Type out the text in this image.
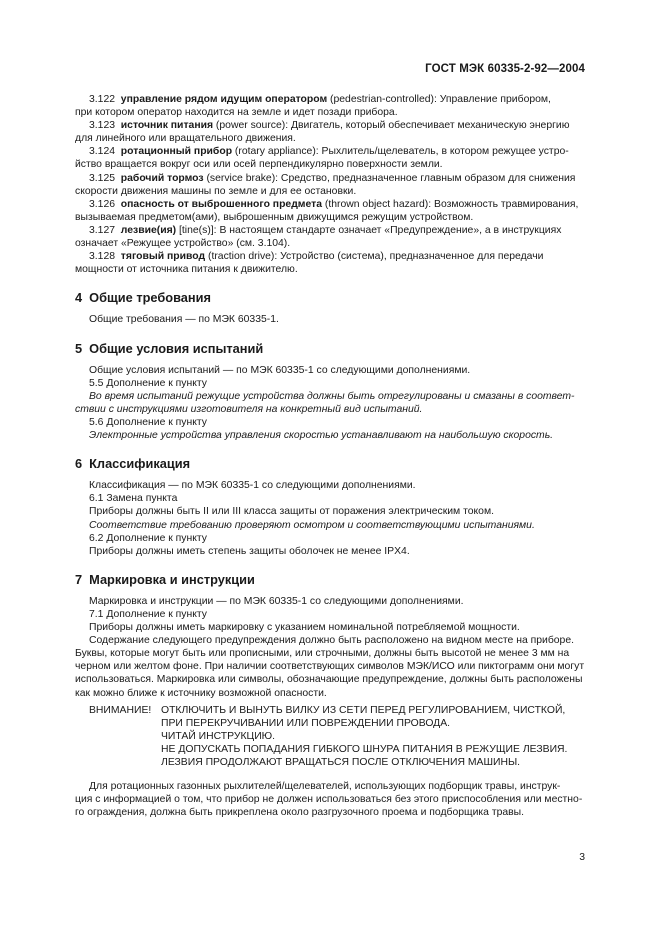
ГОСТ МЭК 60335-2-92—2004
3.122 управление рядом идущим оператором (pedestrian-controlled): Управление прибором,
при котором оператор находится на земле и идет позади прибора.
3.123 источник питания (power source): Двигатель, который обеспечивает механическую энергию
для линейного или вращательного движения.
3.124 ротационный прибор (rotary appliance): Рыхлитель/щелеватель, в котором режущее устро-
йство вращается вокруг оси или осей перпендикулярно поверхности земли.
3.125 рабочий тормоз (service brake): Средство, предназначенное главным образом для снижения
скорости движения машины по земле и для ее остановки.
3.126 опасность от выброшенного предмета (thrown object hazard): Возможность травмирования,
вызываемая предметом(ами), выброшенным движущимся режущим устройством.
3.127 лезвие(ия) [tine(s)]: В настоящем стандарте означает «Предупреждение», а в инструкциях
означает «Режущее устройство» (см. 3.104).
3.128 тяговый привод (traction drive): Устройство (система), предназначенное для передачи
мощности от источника питания к движителю.
4 Общие требования
Общие требования — по МЭК 60335-1.
5 Общие условия испытаний
Общие условия испытаний — по МЭК 60335-1 со следующими дополнениями.
5.5 Дополнение к пункту
Во время испытаний режущие устройства должны быть отрегулированы и смазаны в соответ-
ствии с инструкциями изготовителя на конкретный вид испытаний.
5.6 Дополнение к пункту
Электронные устройства управления скоростью устанавливают на наибольшую скорость.
6 Классификация
Классификация — по МЭК 60335-1 со следующими дополнениями.
6.1 Замена пункта
Приборы должны быть II или III класса защиты от поражения электрическим током.
Соответствие требованию проверяют осмотром и соответствующими испытаниями.
6.2 Дополнение к пункту
Приборы должны иметь степень защиты оболочек не менее IPX4.
7 Маркировка и инструкции
Маркировка и инструкции — по МЭК 60335-1 со следующими дополнениями.
7.1 Дополнение к пункту
Приборы должны иметь маркировку с указанием номинальной потребляемой мощности.
Содержание следующего предупреждения должно быть расположено на видном месте на приборе.
Буквы, которые могут быть или прописными, или строчными, должны быть высотой не менее 3 мм на
черном или желтом фоне. При наличии соответствующих символов МЭК/ИСО или пиктограмм они могут
использоваться. Маркировка или символы, обозначающие предупреждение, должны быть расположены
как можно ближе к источнику возможной опасности.
ВНИМАНИЕ! ОТКЛЮЧИТЬ И ВЫНУТЬ ВИЛКУ ИЗ СЕТИ ПЕРЕД РЕГУЛИРОВАНИЕМ, ЧИСТКОЙ,
ПРИ ПЕРЕКРУЧИВАНИИ ИЛИ ПОВРЕЖДЕНИИ ПРОВОДА.
ЧИТАЙ ИНСТРУКЦИЮ.
НЕ ДОПУСКАТЬ ПОПАДАНИЯ ГИБКОГО ШНУРА ПИТАНИЯ В РЕЖУЩИЕ ЛЕЗВИЯ.
ЛЕЗВИЯ ПРОДОЛЖАЮТ ВРАЩАТЬСЯ ПОСЛЕ ОТКЛЮЧЕНИЯ МАШИНЫ.
Для ротационных газонных рыхлителей/щелевателей, использующих подборщик травы, инструк-
ция с информацией о том, что прибор не должен использоваться без этого приспособления или местно-
го ограждения, должна быть прикреплена около разгрузочного проема и подборщика травы.
3
